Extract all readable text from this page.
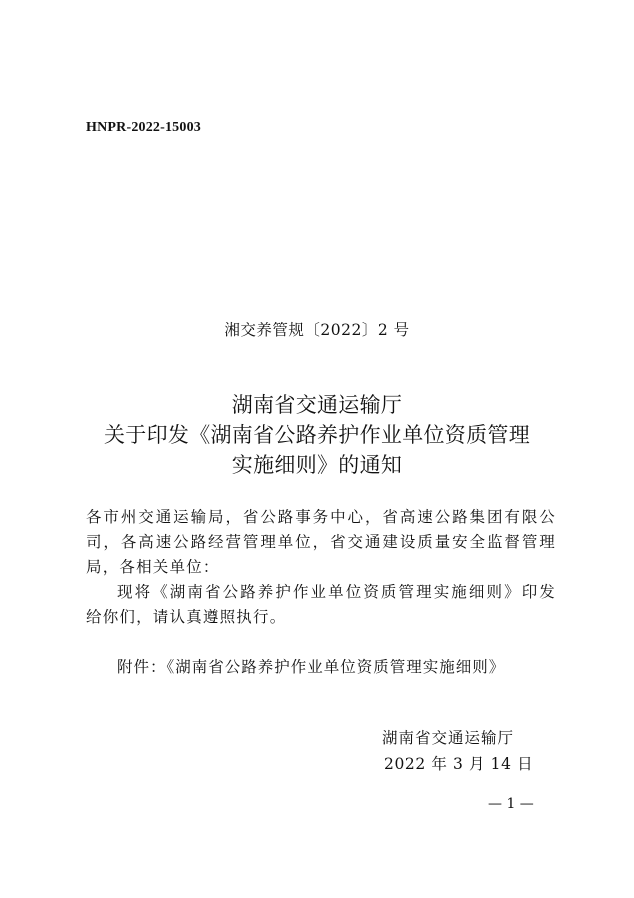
HNPR-2022-15003
湘交养管规〔2022〕2 号
湖南省交通运输厅
关于印发《湖南省公路养护作业单位资质管理
实施细则》的通知
各市州交通运输局，省公路事务中心，省高速公路集团有限公
司，各高速公路经营管理单位，省交通建设质量安全监督管理
局，各相关单位：
现将《湖南省公路养护作业单位资质管理实施细则》印发
给你们，请认真遵照执行。
附件：《湖南省公路养护作业单位资质管理实施细则》
湖南省交通运输厅
2022 年 3 月 14 日
— 1 —
